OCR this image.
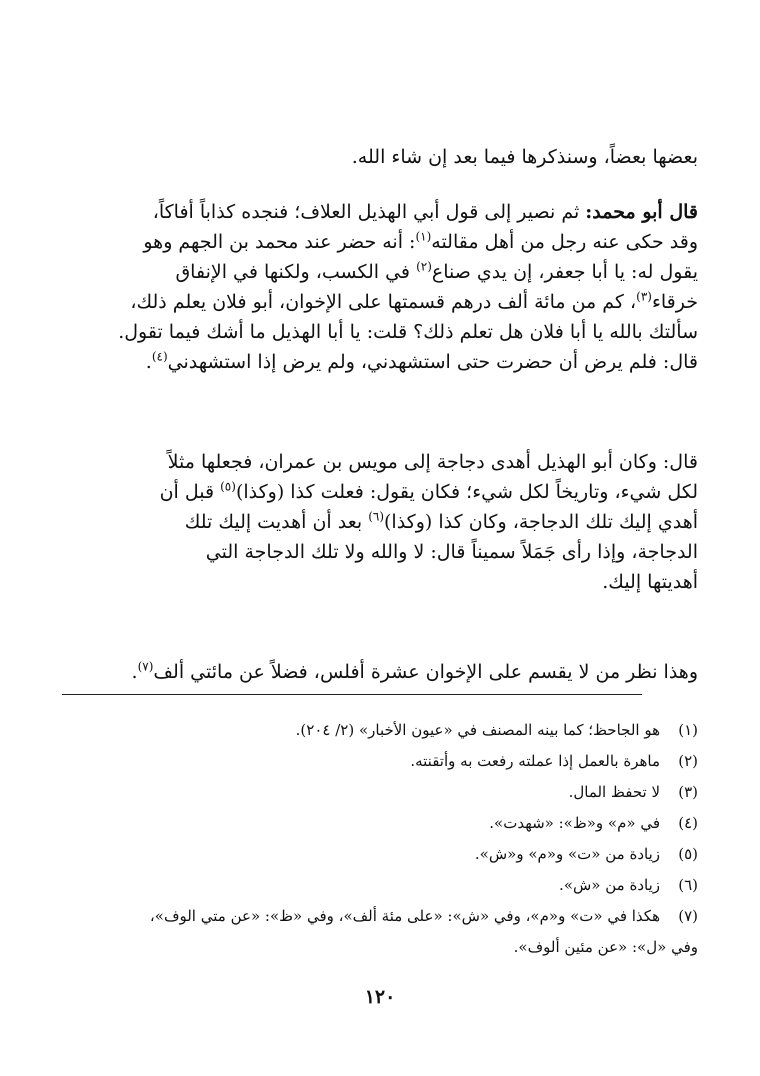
بعضها بعضاً، وسنذكرها فيما بعد إن شاء الله.
قال أبو محمد: ثم نصير إلى قول أبي الهذيل العلاف؛ فنجده كذاباً أفاكاً،
وقد حكى عنه رجل من أهل مقالته$^{(١)}$: أنه حضر عند محمد بن الجهم وهو
يقول له: يا أبا جعفر، إن يدي صناع$^{(٢)}$ في الكسب، ولكنها في الإنفاق
خرقاء$^{(٣)}$، كم من مائة ألف درهم قسمتها على الإخوان، أبو فلان يعلم ذلك،
سألتك بالله يا أبا فلان هل تعلم ذلك؟ قلت: يا أبا الهذيل ما أشك فيما تقول.
قال: فلم يرض أن حضرت حتى استشهدني، ولم يرض إذا استشهدني$^{(٤)}$.
قال: وكان أبو الهذيل أهدى دجاجة إلى مويس بن عمران، فجعلها مثلاً
لكل شيء، وتاريخاً لكل شيء؛ فكان يقول: فعلت كذا (وكذا)$^{(٥)}$ قبل أن
أهدي إليك تلك الدجاجة، وكان كذا (وكذا)$^{(٦)}$ بعد أن أهديت إليك تلك
الدجاجة، وإذا رأى جَمَلاً سميناً قال: لا والله ولا تلك الدجاجة التي
أهديتها إليك.
وهذا نظر من لا يقسم على الإخوان عشرة أفلس، فضلاً عن مائتي ألف$^{(٧)}$.
(١)هو الجاحظ؛ كما بينه المصنف في «عيون الأخبار» (٢/ ٢٠٤).
(٢)ماهرة بالعمل إذا عملته رفعت به وأتقنته.
(٣)لا تحفظ المال.
(٤)في «م» و«ظ»: «شهدت».
(٥)زيادة من «ت» و«م» و«ش».
(٦)زيادة من «ش».
(٧)هكذا في «ت» و«م»، وفي «ش»: «على مئة ألف»، وفي «ظ»: «عن متي الوف»،
وفي «ل»: «عن مئين ألوف».
١٢٠
